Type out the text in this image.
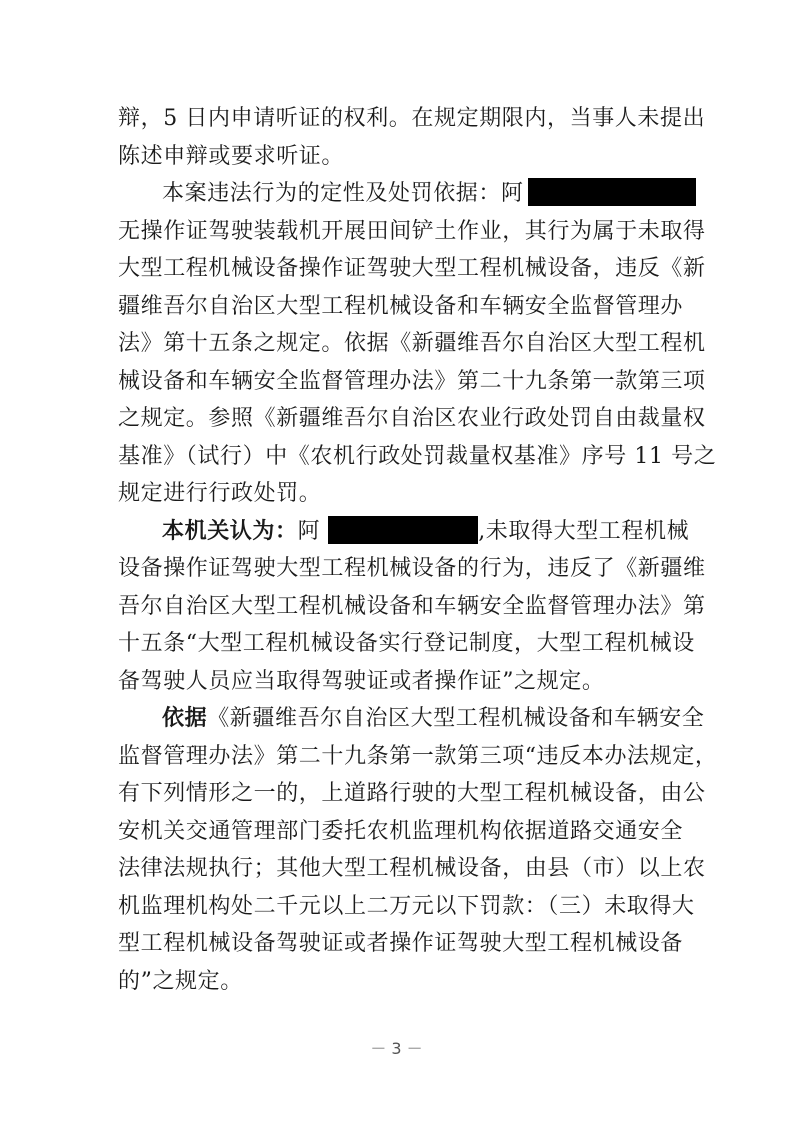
辩，5 日内申请听证的权利。在规定期限内，当事人未提出
陈述申辩或要求听证。
本案违法行为的定性及处罚依据：阿
无操作证驾驶装载机开展田间铲土作业，其行为属于未取得
大型工程机械设备操作证驾驶大型工程机械设备，违反《新
疆维吾尔自治区大型工程机械设备和车辆安全监督管理办
法》第十五条之规定。依据《新疆维吾尔自治区大型工程机
械设备和车辆安全监督管理办法》第二十九条第一款第三项
之规定。参照《新疆维吾尔自治区农业行政处罚自由裁量权
基准》（试行）中《农机行政处罚裁量权基准》序号 11 号之
规定进行行政处罚。
本机关认为：阿	,未取得大型工程机械
设备操作证驾驶大型工程机械设备的行为，违反了《新疆维
吾尔自治区大型工程机械设备和车辆安全监督管理办法》第
十五条“大型工程机械设备实行登记制度，大型工程机械设
备驾驶人员应当取得驾驶证或者操作证”之规定。
依据《新疆维吾尔自治区大型工程机械设备和车辆安全
监督管理办法》第二十九条第一款第三项“违反本办法规定，
有下列情形之一的，上道路行驶的大型工程机械设备，由公
安机关交通管理部门委托农机监理机构依据道路交通安全
法律法规执行；其他大型工程机械设备，由县（市）以上农
机监理机构处二千元以上二万元以下罚款：（三）未取得大
型工程机械设备驾驶证或者操作证驾驶大型工程机械设备
的”之规定。
－ 3 －
